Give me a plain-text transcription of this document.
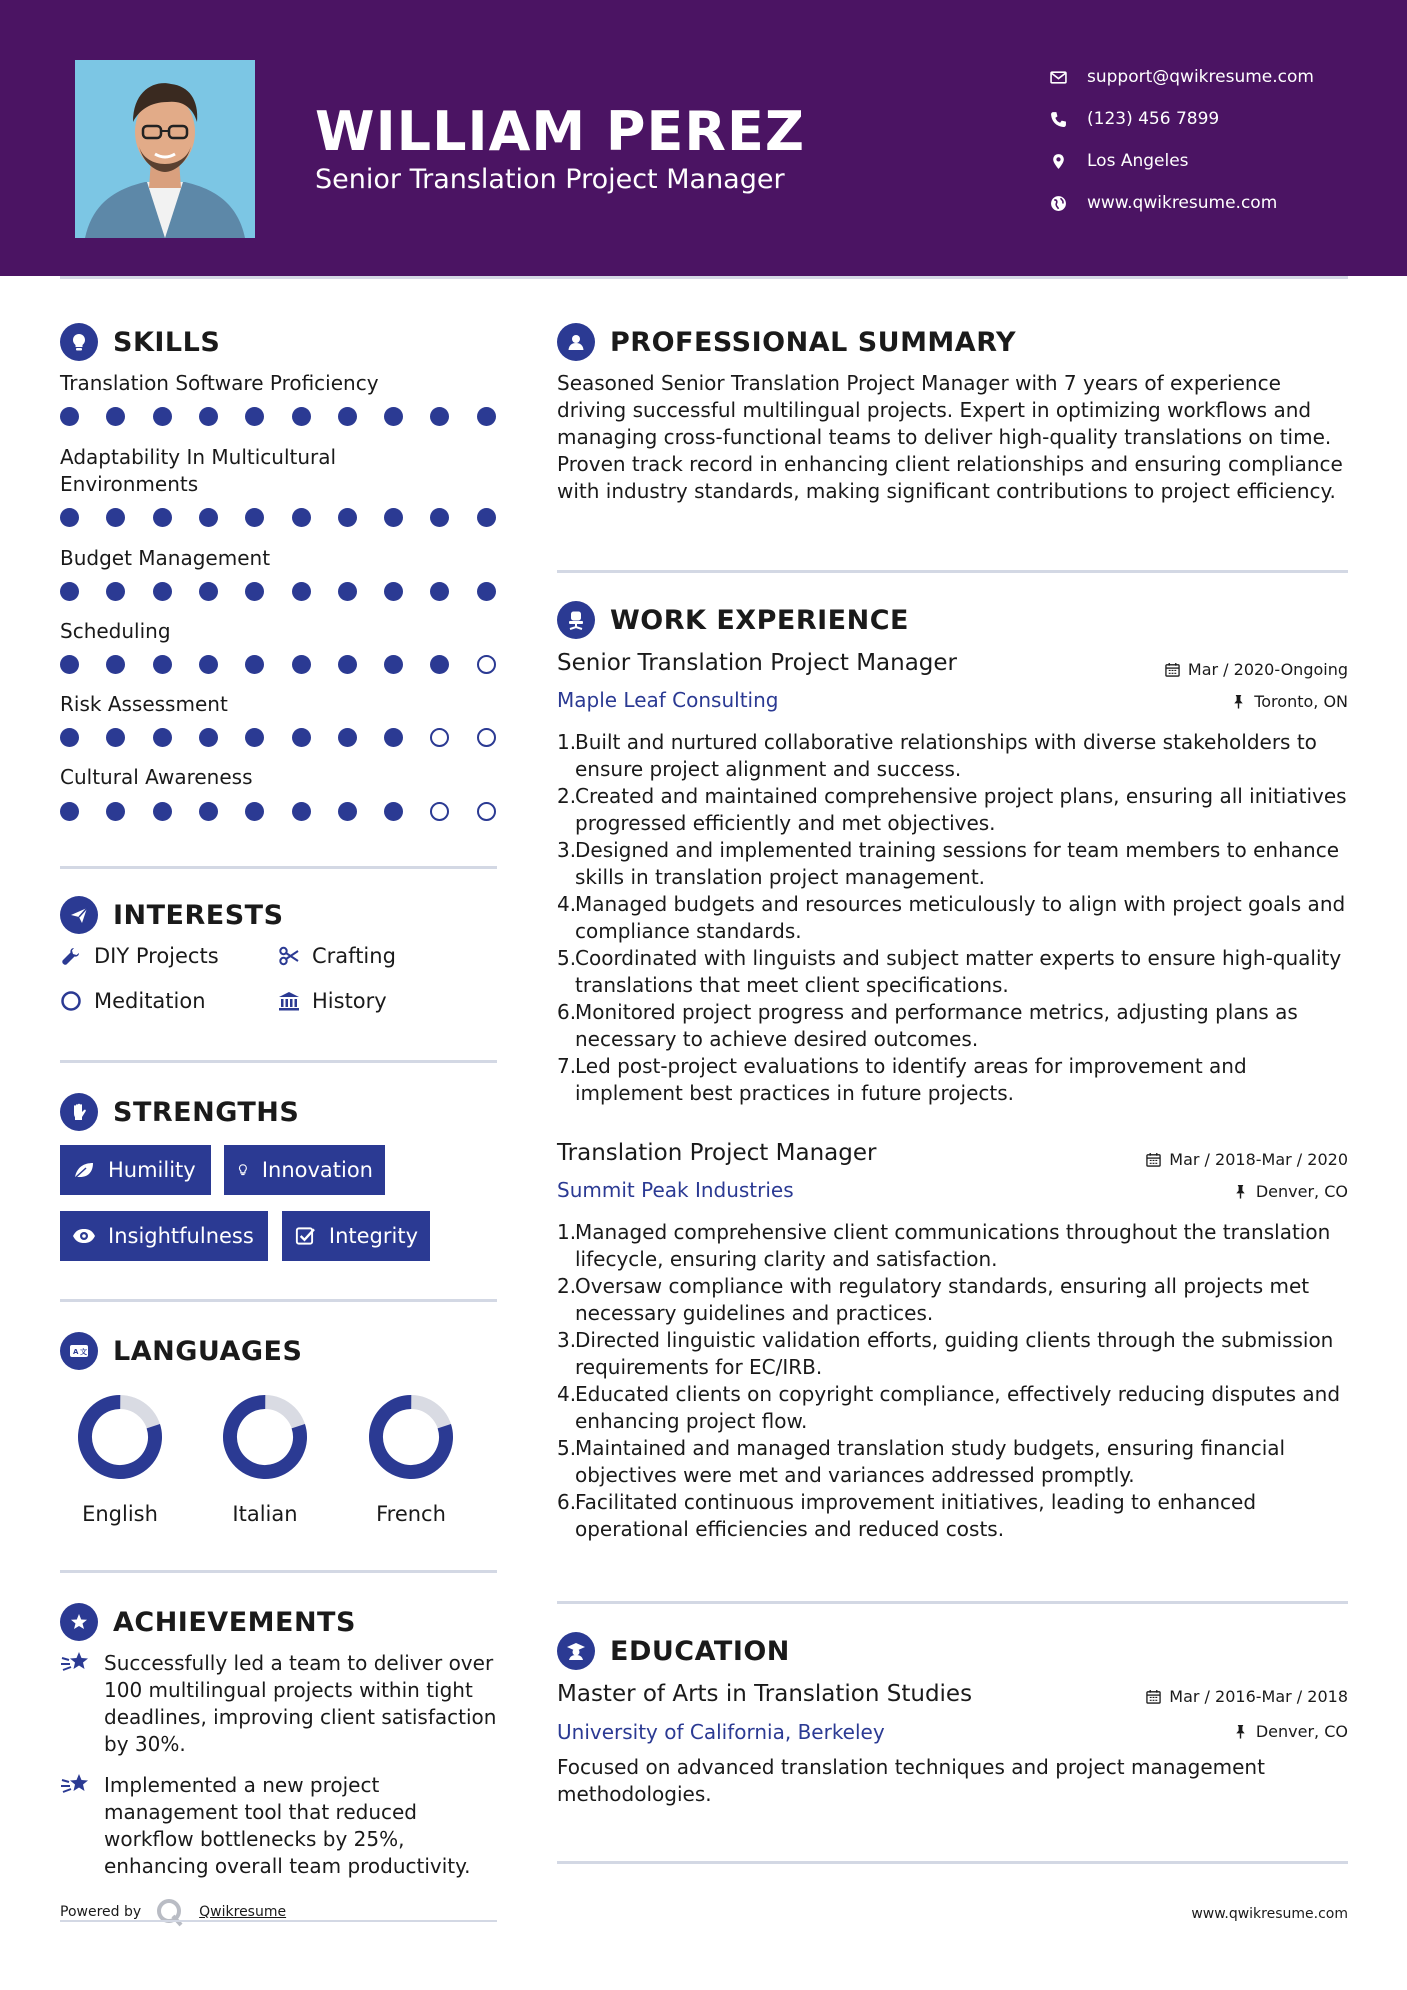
WILLIAM PEREZ
Senior Translation Project Manager
support@qwikresume.com
(123) 456 7899
Los Angeles
www.qwikresume.com
SKILLS
Translation Software Proficiency
Adaptability In Multicultural Environments
Budget Management
Scheduling
Risk Assessment
Cultural Awareness
INTERESTS
DIY Projects	Crafting
Meditation	History
STRENGTHS
Humility	Innovation
Insightfulness	Integrity
A 文 LANGUAGES
English	Italian	French
ACHIEVEMENTS
Successfully led a team to deliver over 100 multilingual projects within tight deadlines, improving client satisfaction by 30%.
Implemented a new project management tool that reduced workflow bottlenecks by 25%, enhancing overall team productivity.
Powered by	Qwikresume
PROFESSIONAL SUMMARY
Seasoned Senior Translation Project Manager with 7 years of experience driving successful multilingual projects. Expert in optimizing workflows and managing cross-functional teams to deliver high-quality translations on time. Proven track record in enhancing client relationships and ensuring compliance with industry standards, making significant contributions to project efficiency.
WORK EXPERIENCE
Senior Translation Project Manager	Mar / 2020-Ongoing
Maple Leaf Consulting	Toronto, ON
1.
Built and nurtured collaborative relationships with diverse stakeholders to ensure project alignment and success.
2.
Created and maintained comprehensive project plans, ensuring all initiatives progressed efficiently and met objectives.
3.
Designed and implemented training sessions for team members to enhance skills in translation project management.
4.
Managed budgets and resources meticulously to align with project goals and compliance standards.
5.
Coordinated with linguists and subject matter experts to ensure high-quality translations that meet client specifications.
6.
Monitored project progress and performance metrics, adjusting plans as necessary to achieve desired outcomes.
7.
Led post-project evaluations to identify areas for improvement and implement best practices in future projects.
Translation Project Manager	Mar / 2018-Mar / 2020
Summit Peak Industries	Denver, CO
1.
Managed comprehensive client communications throughout the translation lifecycle, ensuring clarity and satisfaction.
2.
Oversaw compliance with regulatory standards, ensuring all projects met necessary guidelines and practices.
3.
Directed linguistic validation efforts, guiding clients through the submission requirements for EC/IRB.
4.
Educated clients on copyright compliance, effectively reducing disputes and enhancing project flow.
5.
Maintained and managed translation study budgets, ensuring financial objectives were met and variances addressed promptly.
6.
Facilitated continuous improvement initiatives, leading to enhanced operational efficiencies and reduced costs.
EDUCATION
Master of Arts in Translation Studies	Mar / 2016-Mar / 2018
University of California, Berkeley	Denver, CO
Focused on advanced translation techniques and project management methodologies.
www.qwikresume.com
